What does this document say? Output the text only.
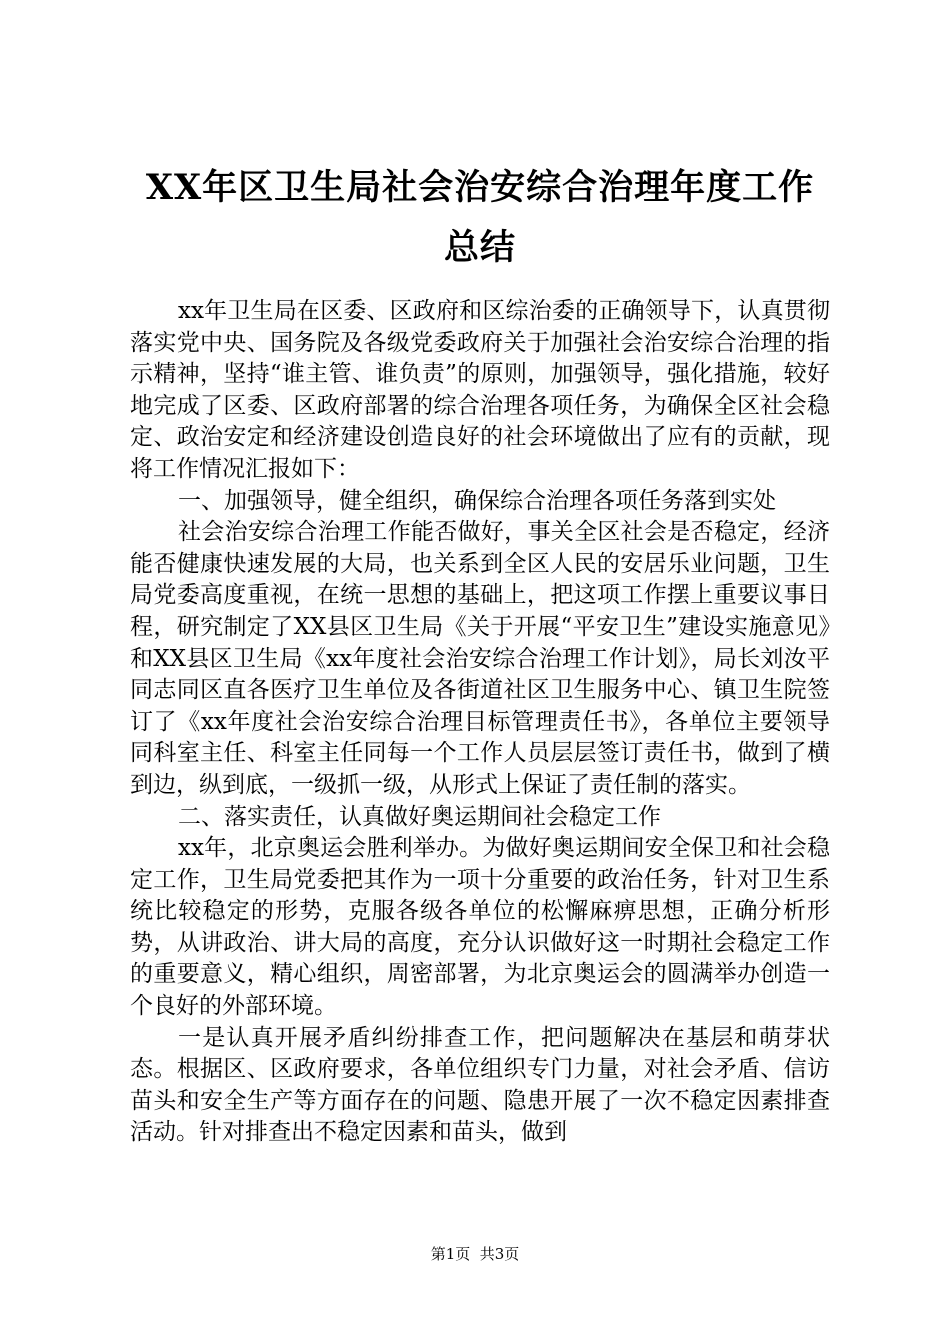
XX年区卫生局社会治安综合治理年度工作总结

xx年卫生局在区委、区政府和区综治委的正确领导下，认真贯彻落实党中央、国务院及各级党委政府关于加强社会治安综合治理的指示精神，坚持“谁主管、谁负责”的原则，加强领导，强化措施，较好地完成了区委、区政府部署的综合治理各项任务，为确保全区社会稳定、政治安定和经济建设创造良好的社会环境做出了应有的贡献，现将工作情况汇报如下：

一、加强领导，健全组织，确保综合治理各项任务落到实处

社会治安综合治理工作能否做好，事关全区社会是否稳定，经济能否健康快速发展的大局，也关系到全区人民的安居乐业问题，卫生局党委高度重视，在统一思想的基础上，把这项工作摆上重要议事日程，研究制定了XX县区卫生局《关于开展“平安卫生”建设实施意见》和XX县区卫生局《xx年度社会治安综合治理工作计划》，局长刘汝平同志同区直各医疗卫生单位及各街道社区卫生服务中心、镇卫生院签订了《xx年度社会治安综合治理目标管理责任书》，各单位主要领导同科室主任、科室主任同每一个工作人员层层签订责任书，做到了横到边，纵到底，一级抓一级，从形式上保证了责任制的落实。

二、落实责任，认真做好奥运期间社会稳定工作

xx年，北京奥运会胜利举办。为做好奥运期间安全保卫和社会稳定工作，卫生局党委把其作为一项十分重要的政治任务，针对卫生系统比较稳定的形势，克服各级各单位的松懈麻痹思想，正确分析形势，从讲政治、讲大局的高度，充分认识做好这一时期社会稳定工作的重要意义，精心组织，周密部署，为北京奥运会的圆满举办创造一个良好的外部环境。

一是认真开展矛盾纠纷排查工作，把问题解决在基层和萌芽状态。根据区、区政府要求，各单位组织专门力量，对社会矛盾、信访苗头和安全生产等方面存在的问题、隐患开展了一次不稳定因素排查活动。针对排查出不稳定因素和苗头，做到

第1页  共3页
